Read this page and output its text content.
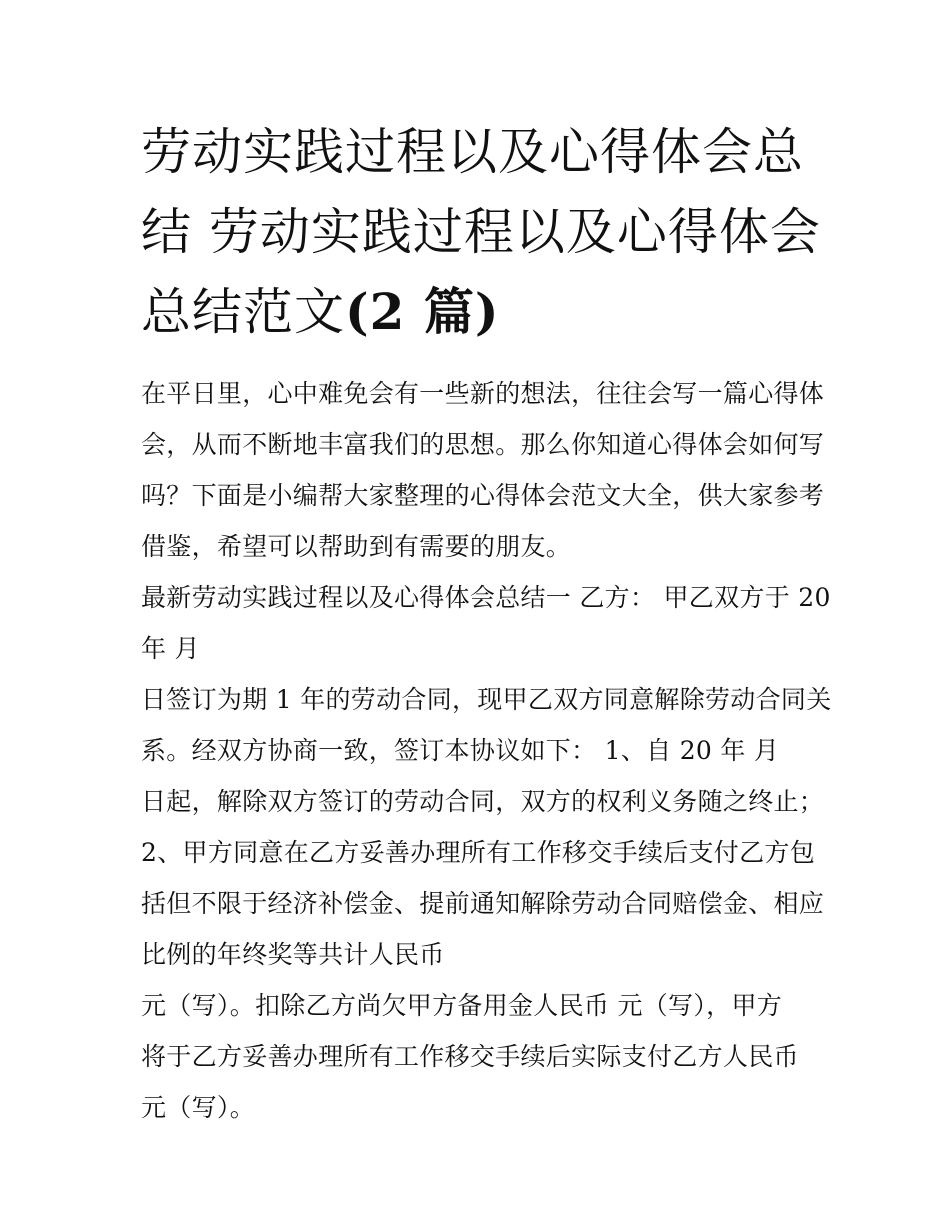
劳动实践过程以及心得体会总
结 劳动实践过程以及心得体会
总结范文(2 篇)
在平日里，心中难免会有一些新的想法，往往会写一篇心得体
会，从而不断地丰富我们的思想。那么你知道心得体会如何写
吗？下面是小编帮大家整理的心得体会范文大全，供大家参考
借鉴，希望可以帮助到有需要的朋友。
最新劳动实践过程以及心得体会总结一 乙方： 甲乙双方于 20
年 月
日签订为期 1 年的劳动合同，现甲乙双方同意解除劳动合同关
系。经双方协商一致，签订本协议如下： 1、自 20 年 月
日起，解除双方签订的劳动合同，双方的权利义务随之终止；
2、甲方同意在乙方妥善办理所有工作移交手续后支付乙方包
括但不限于经济补偿金、提前通知解除劳动合同赔偿金、相应
比例的年终奖等共计人民币
元（写）。扣除乙方尚欠甲方备用金人民币 元（写），甲方
将于乙方妥善办理所有工作移交手续后实际支付乙方人民币
元（写）。
